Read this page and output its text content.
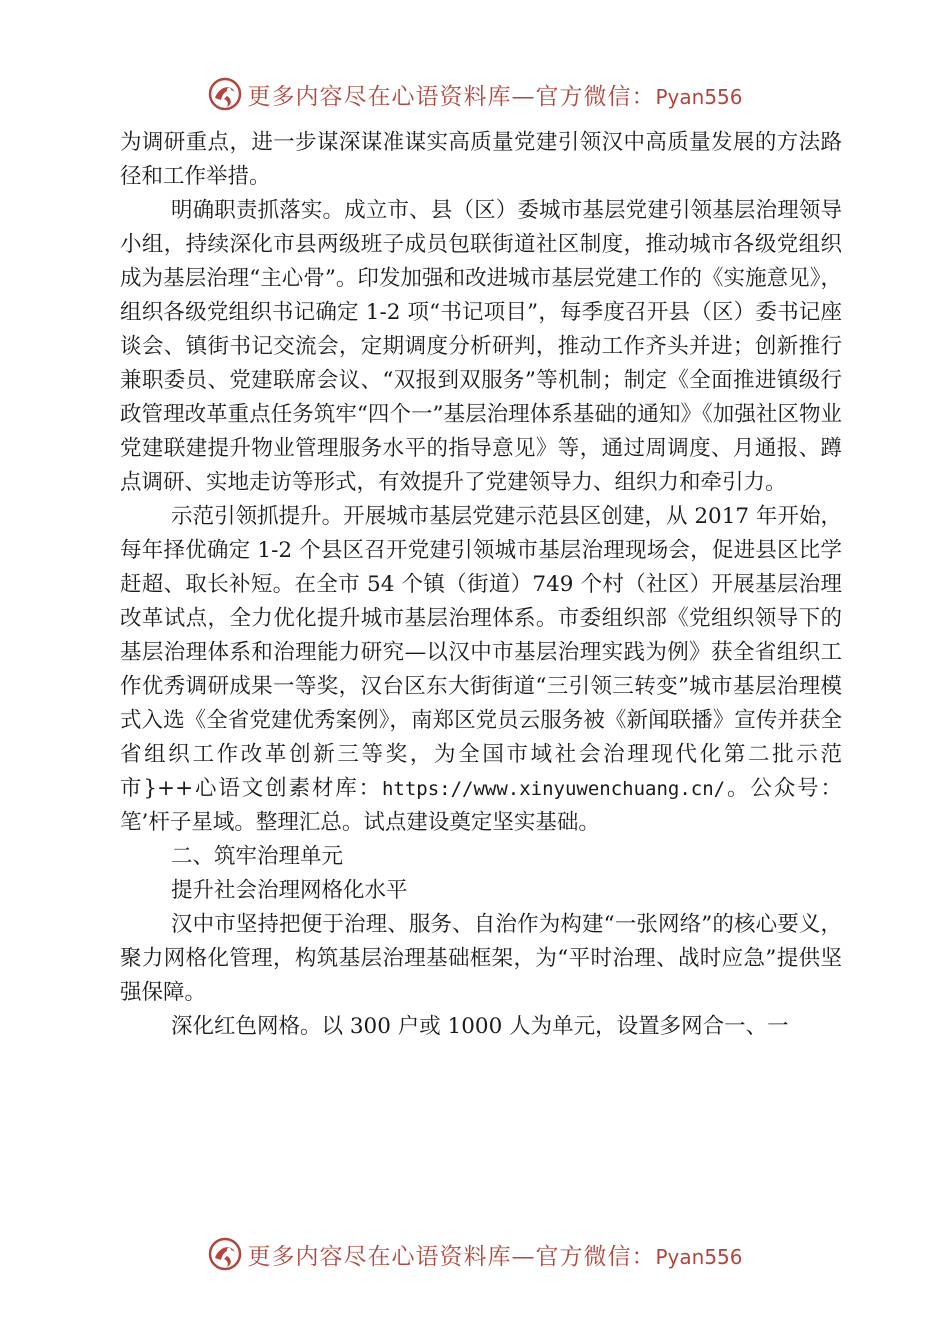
更多内容尽在心语资料库—官方微信：Pyan556

为调研重点，进一步谋深谋准谋实高质量党建引领汉中高质量发展的方法路径和工作举措。

明确职责抓落实。成立市、县（区）委城市基层党建引领基层治理领导小组，持续深化市县两级班子成员包联街道社区制度，推动城市各级党组织成为基层治理“主心骨”。印发加强和改进城市基层党建工作的《实施意见》，组织各级党组织书记确定 1-2 项“书记项目”，每季度召开县（区）委书记座谈会、镇街书记交流会，定期调度分析研判，推动工作齐头并进；创新推行兼职委员、党建联席会议、“双报到双服务”等机制；制定《全面推进镇级行政管理改革重点任务筑牢“四个一”基层治理体系基础的通知》《加强社区物业党建联建提升物业管理服务水平的指导意见》等，通过周调度、月通报、蹲点调研、实地走访等形式，有效提升了党建领导力、组织力和牵引力。

示范引领抓提升。开展城市基层党建示范县区创建，从 2017 年开始，每年择优确定 1-2 个县区召开党建引领城市基层治理现场会，促进县区比学赶超、取长补短。在全市 54 个镇（街道）749 个村（社区）开展基层治理改革试点，全力优化提升城市基层治理体系。市委组织部《党组织领导下的基层治理体系和治理能力研究—以汉中市基层治理实践为例》获全省组织工作优秀调研成果一等奖，汉台区东大街街道“三引领三转变”城市基层治理模式入选《全省党建优秀案例》，南郑区党员云服务被《新闻联播》宣传并获全省组织工作改革创新三等奖，为全国市域社会治理现代化第二批示范市}++心语文创素材库：https://www.xinyuwenchuang.cn/。公众号：笔’杆子星域。整理汇总。试点建设奠定坚实基础。

二、筑牢治理单元

提升社会治理网格化水平

汉中市坚持把便于治理、服务、自治作为构建“一张网络”的核心要义，聚力网格化管理，构筑基层治理基础框架，为“平时治理、战时应急”提供坚强保障。

深化红色网格。以 300 户或 1000 人为单元，设置多网合一、一

更多内容尽在心语资料库—官方微信：Pyan556
